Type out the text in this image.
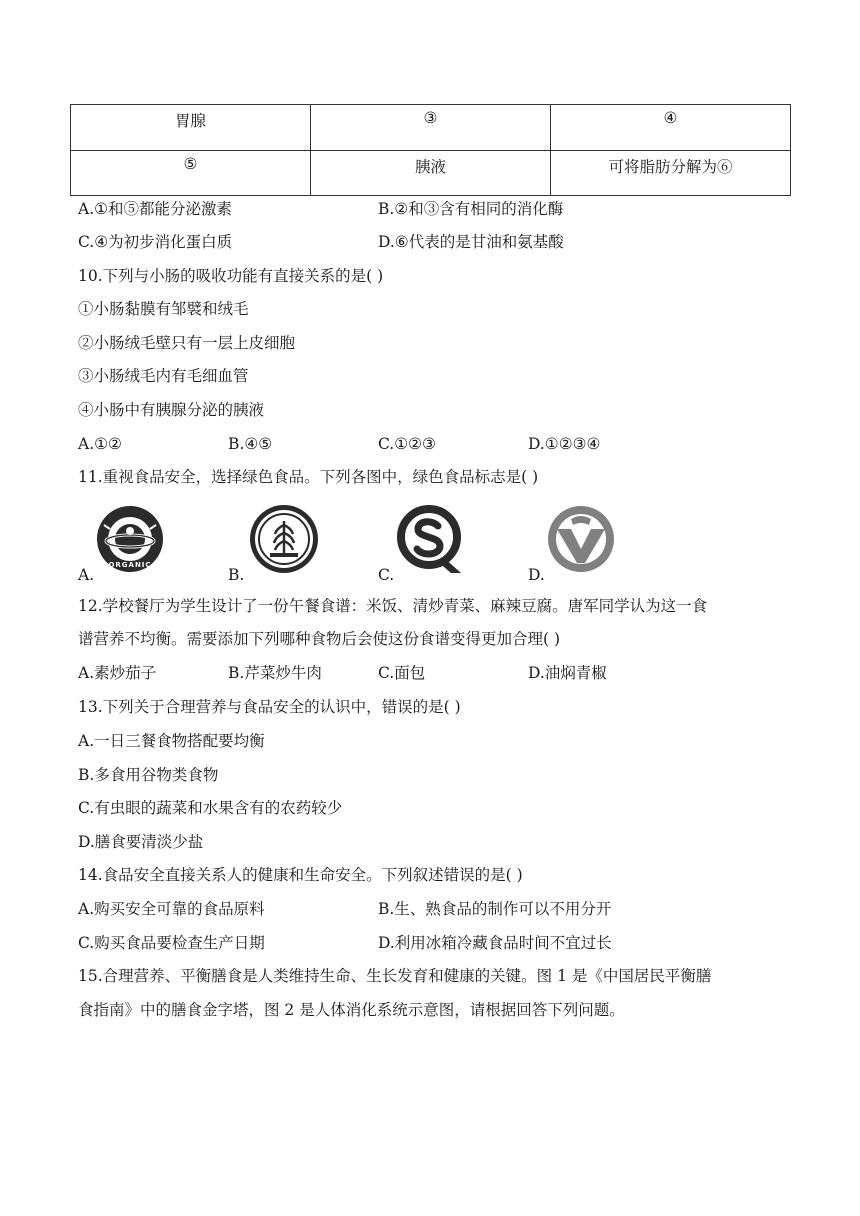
胃腺	③	④
⑤	胰液	可将脂肪分解为⑥
A.①和⑤都能分泌激素	B.②和③含有相同的消化酶
C.④为初步消化蛋白质	D.⑥代表的是甘油和氨基酸
10.下列与小肠的吸收功能有直接关系的是( )
①小肠黏膜有邹襞和绒毛
②小肠绒毛壁只有一层上皮细胞
③小肠绒毛内有毛细血管
④小肠中有胰腺分泌的胰液
A.①②	B.④⑤	C.①②③	D.①②③④
11.重视食品安全，选择绿色食品。下列各图中，绿色食品标志是( )
ORGANIC
A.	B.	C.	D.
12.学校餐厅为学生设计了一份午餐食谱：米饭、清炒青菜、麻辣豆腐。唐军同学认为这一食
谱营养不均衡。需要添加下列哪种食物后会使这份食谱变得更加合理( )
A.素炒茄子	B.芹菜炒牛肉	C.面包	D.油焖青椒
13.下列关于合理营养与食品安全的认识中，错误的是( )
A.一日三餐食物搭配要均衡
B.多食用谷物类食物
C.有虫眼的蔬菜和水果含有的农药较少
D.膳食要清淡少盐
14.食品安全直接关系人的健康和生命安全。下列叙述错误的是( )
A.购买安全可靠的食品原料	B.生、熟食品的制作可以不用分开
C.购买食品要检查生产日期	D.利用冰箱冷藏食品时间不宜过长
15.合理营养、平衡膳食是人类维持生命、生长发育和健康的关键。图 1 是《中国居民平衡膳
食指南》中的膳食金字塔，图 2 是人体消化系统示意图，请根据回答下列问题。
